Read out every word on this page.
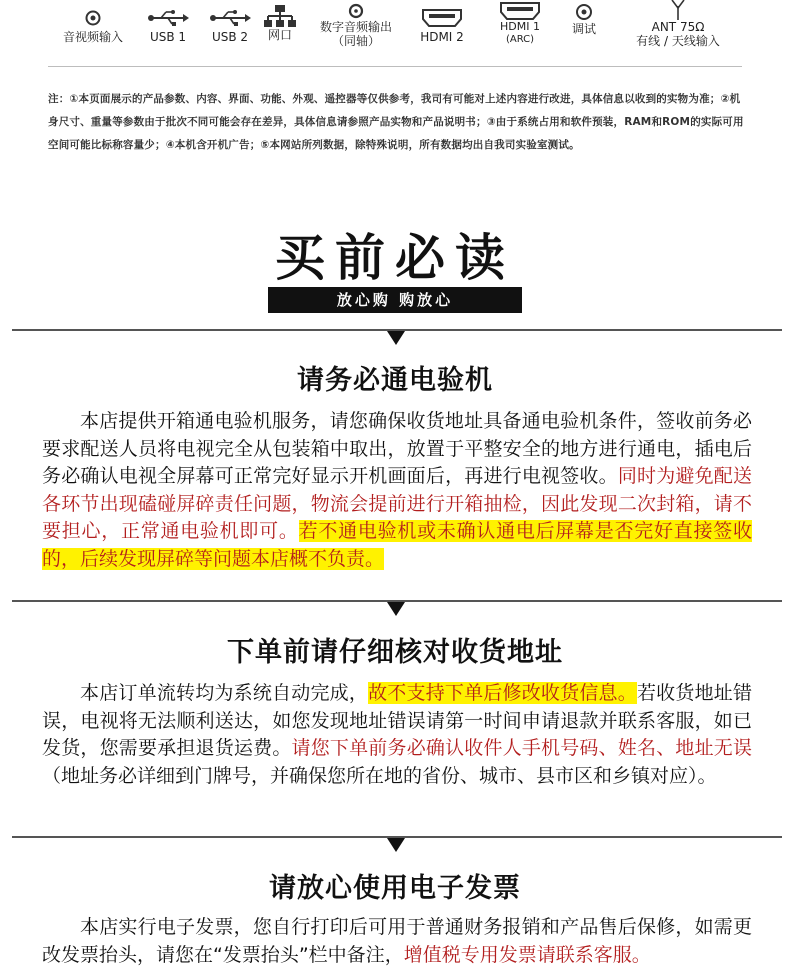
音视频输入	USB 1	USB 2	网口
数字音频输出
（同轴）	HDMI 2
HDMI 1
(ARC)
调试	ANT 75Ω
有线 / 天线输入
注：①本页面展示的产品参数、内容、界面、功能、外观、遥控器等仅供参考，我司有可能对上述内容进行改进，具体信息以收到的实物为准；②机身尺寸、重量等参数由于批次不同可能会存在差异，具体信息请参照产品实物和产品说明书；③由于系统占用和软件预装，RAM和ROM的实际可用空间可能比标称容量少；④本机含开机广告；⑤本网站所列数据，除特殊说明，所有数据均出自我司实验室测试。
买前必读
放心购 购放心
请务必通电验机
本店提供开箱通电验机服务，请您确保收货地址具备通电验机条件，签收前务必要求配送人员将电视完全从包装箱中取出，放置于平整安全的地方进行通电，插电后务必确认电视全屏幕可正常完好显示开机画面后，再进行电视签收。同时为避免配送各环节出现磕碰屏碎责任问题，物流会提前进行开箱抽检，因此发现二次封箱，请不要担心，正常通电验机即可。若不通电验机或未确认通电后屏幕是否完好直接签收的，后续发现屏碎等问题本店概不负责。
下单前请仔细核对收货地址
本店订单流转均为系统自动完成，故不支持下单后修改收货信息。若收货地址错误，电视将无法顺利送达，如您发现地址错误请第一时间申请退款并联系客服，如已发货，您需要承担退货运费。请您下单前务必确认收件人手机号码、姓名、地址无误（地址务必详细到门牌号，并确保您所在地的省份、城市、县市区和乡镇对应）。
请放心使用电子发票
本店实行电子发票，您自行打印后可用于普通财务报销和产品售后保修，如需更改发票抬头，请您在“发票抬头”栏中备注，增值税专用发票请联系客服。
